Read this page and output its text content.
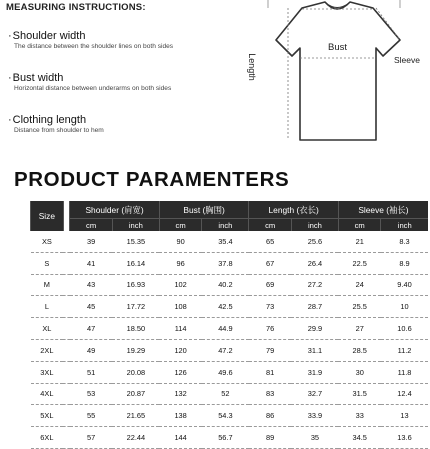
MEASURING INSTRUCTIONS:
·Shoulder width
The distance between the shoulder lines on both sides
·Bust width
Horizontal distance between underarms on both sides
·Clothing length
Distance from shoulder to hem
Bust
Sleeve
Length
PRODUCT PARAMENTERS
Size		Shoulder (肩宽)		Bust (胸围)		Length (衣长)		Sleeve (袖长)	
		cm	inch	cm	inch	cm	inch	cm	inch
XS		39	15.35	90	35.4	65	25.6	21	8.3
S		41	16.14	96	37.8	67	26.4	22.5	8.9
M		43	16.93	102	40.2	69	27.2	24	9.40
L		45	17.72	108	42.5	73	28.7	25.5	10
XL		47	18.50	114	44.9	76	29.9	27	10.6
2XL		49	19.29	120	47.2	79	31.1	28.5	11.2
3XL		51	20.08	126	49.6	81	31.9	30	11.8
4XL		53	20.87	132	52	83	32.7	31.5	12.4
5XL		55	21.65	138	54.3	86	33.9	33	13
6XL		57	22.44	144	56.7	89	35	34.5	13.6
